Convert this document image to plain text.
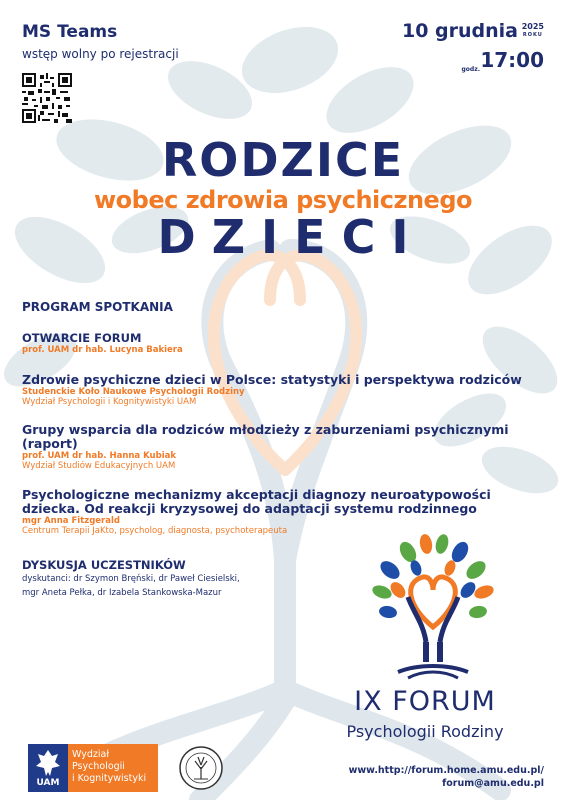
MS Teams
wstęp wolny po rejestracji
10 grudnia 2025
ROKU
godz. 17:00
RODZICE
wobec zdrowia psychicznego
DZIECI
PROGRAM SPOTKANIA
OTWARCIE FORUM
prof. UAM dr hab. Lucyna Bakiera
Zdrowie psychiczne dzieci w Polsce: statystyki i perspektywa rodziców
Studenckie Koło Naukowe Psychologii Rodziny
Wydział Psychologii i Kognitywistyki UAM
Grupy wsparcia dla rodziców młodzieży z zaburzeniami psychicznymi (raport)
prof. UAM dr hab. Hanna Kubiak
Wydział Studiów Edukacyjnych UAM
Psychologiczne mechanizmy akceptacji diagnozy neuroatypowości dziecka. Od reakcji kryzysowej do adaptacji systemu rodzinnego
mgr Anna Fitzgerald
Centrum Terapii JaKto, psycholog, diagnosta, psychoterapeuta
DYSKUSJA UCZESTNIKÓW
dyskutanci: dr Szymon Bręński, dr Paweł Ciesielski,
mgr Aneta Pełka, dr Izabela Stankowska-Mazur
IX FORUM
Psychologii Rodziny
UAM
Wydział
Psychologii
i Kognitywistyki
www.http://forum.home.amu.edu.pl/
forum@amu.edu.pl
